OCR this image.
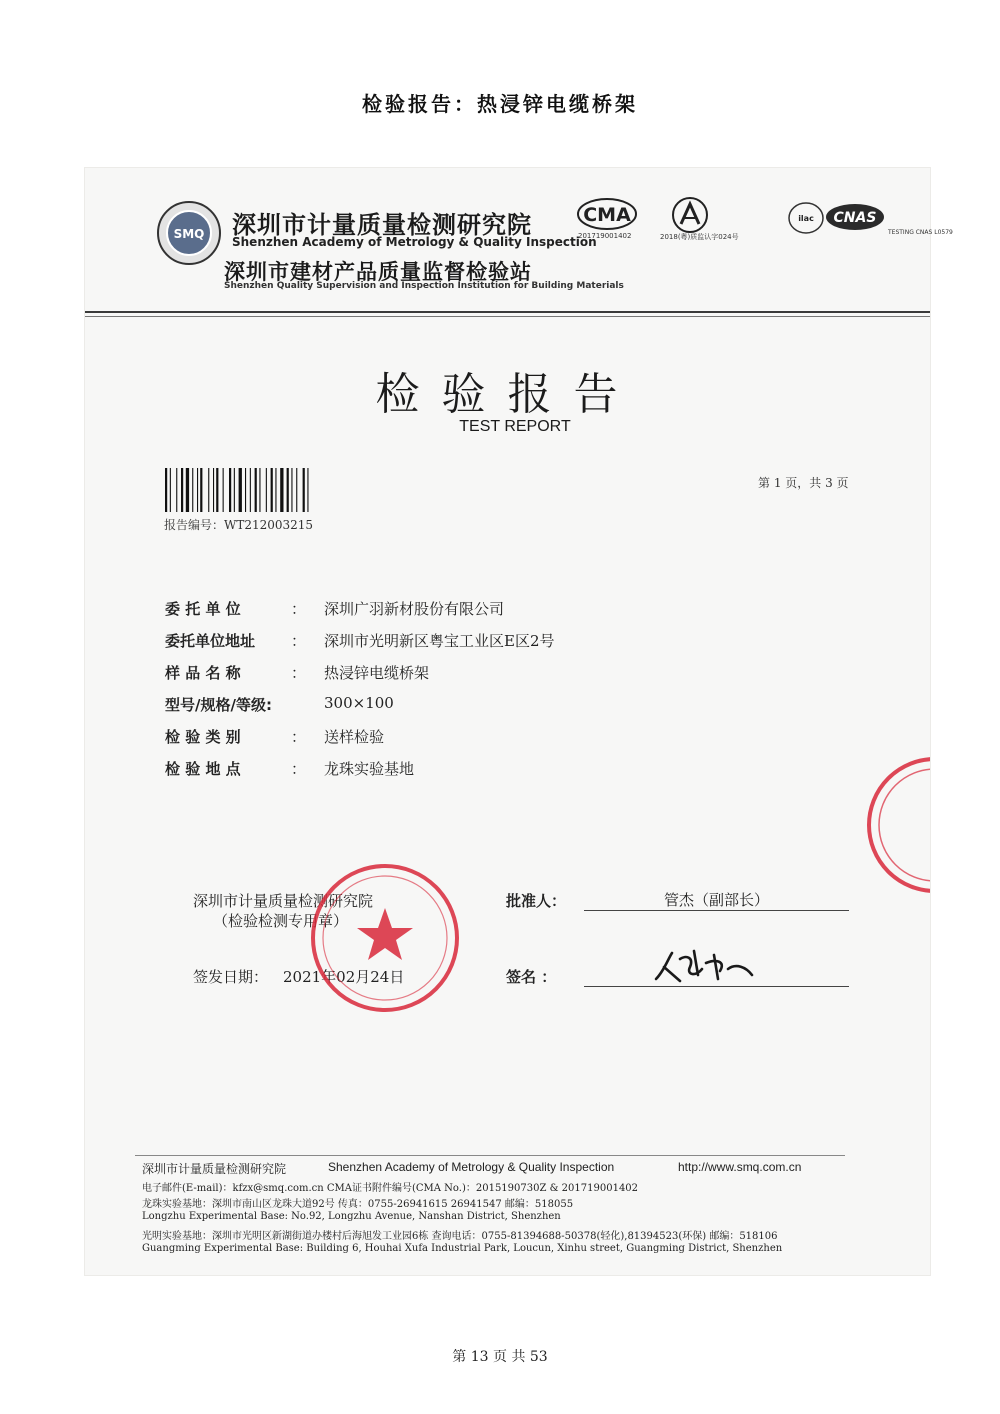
检验报告：热浸锌电缆桥架
SMQ 深圳市计量质量检测研究院
Shenzhen Academy of Metrology & Quality Inspection
深圳市建材产品质量监督检验站
Shenzhen Quality Supervision and Inspection Institution for Building Materials
CMA
201719001402	2018(粤)质监认字024号
ilac CNAS
TESTING CNAS L0579
检验报告
TEST REPORT
报告编号：WT212003215
第 1 页，共 3 页
委 托 单 位	： 深圳广羽新材股份有限公司
委托单位地址 ： 深圳市光明新区粤宝工业区E区2号
样 品 名 称	： 热浸锌电缆桥架
型号/规格/等级:	300×100
检 验 类 别	： 送样检验
检 验 地 点	： 龙珠实验基地
深圳市计量质量检测研究院
（检验检测专用章）
批准人：	管杰（副部长）
签发日期： 2021年02月24日	签名 ：
深圳市计量质量检测研究院	Shenzhen Academy of Metrology & Quality Inspection	http://www.smq.com.cn
电子邮件(E-mail)：kfzx@smq.com.cn CMA证书附件编号(CMA No.)：2015190730Z & 201719001402
龙珠实验基地：深圳市南山区龙珠大道92号 传真：0755-26941615 26941547 邮编：518055
Longzhu Experimental Base: No.92, Longzhu Avenue, Nanshan District, Shenzhen
光明实验基地：深圳市光明区新湖街道办楼村后海旭发工业园6栋 查询电话：0755-81394688-50378(轻化),81394523(环保) 邮编：518106
Guangming Experimental Base: Building 6, Houhai Xufa Industrial Park, Loucun, Xinhu street, Guangming District, Shenzhen
第 13 页 共 53
